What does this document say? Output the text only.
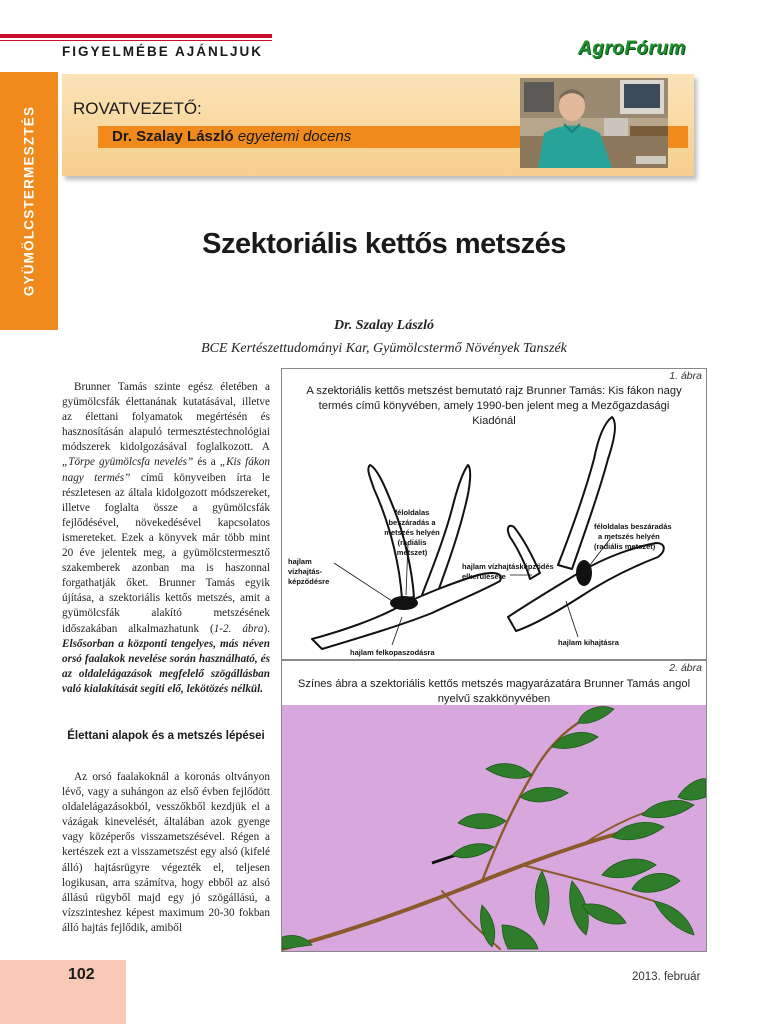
FIGYELMÉBE AJÁNLJUK	AgroFórum
GYÜMÖLCSTERMESZTÉS ROVATVEZETŐ:
Dr. Szalay László egyetemi docens
Szektoriális kettős metszés
Dr. Szalay László
BCE Kertészettudományi Kar, Gyümölcstermő Növények Tanszék

Brunner Tamás szinte egész életében a gyümölcsfák élettanának kutatásával, illetve az élettani folyamatok megértésén és hasznosításán alapuló termesztéstechnológiai módszerek kidolgozásával foglalkozott. A „Törpe gyümölcsfa nevelés” és a „Kis fákon nagy termés” című könyveiben írta le részletesen az általa kidolgozott módszereket, illetve foglalta össze a gyümölcsfák fejlődésével, növekedésével kapcsolatos ismereteket. Ezek a könyvek már több mint 20 éve jelentek meg, a gyümölcstermesztő szakemberek azonban ma is haszonnal forgathatják őket. Brunner Tamás egyik újítása, a szektoriális kettős metszés, amit a gyümölcsfák alakító metszésének időszakában alkalmazhatunk (1-2. ábra). Elsősorban a központi tengelyes, más néven orsó faalakok nevelése során használható, és az oldalelágazások megfelelő szögállásban való kialakítását segíti elő, lekötözés nélkül.

Élettani alapok és a metszés lépései

Az orsó faalakoknál a koronás oltványon lévő, vagy a suhángon az első évben fejlődött oldalelágazásokból, vesszőkből kezdjük el a vázágak kinevelését, általában azok gyenge vagy középerős visszametszésével. Régen a kertészek ezt a visszametszést egy alsó (kifelé álló) hajtásrügyre végezték el, teljesen logikusan, arra számítva, hogy ebből az alsó állású rügyből majd egy jó szögállású, a vízszinteshez képest maximum 20-30 fokban álló hajtás fejlődik, amiből

1. ábra
A szektoriális kettős metszést bemutató rajz Brunner Tamás: Kis fákon nagy termés című könyvében, amely 1990-ben jelent meg a Mezőgazdasági Kiadónál
féloldalas
beszáradás a
metszés helyén
(radiális
metszet)
hajlam
vízhajtás-
képződésre
hajlam felkopaszodásra
féloldalas beszáradás
a metszés helyén
(radiális metszet)
hajlam vízhajtásképződés
elkerülésére
hajlam kihajtásra
2. ábra
Színes ábra a szektoriális kettős metszés magyarázatára Brunner Tamás angol nyelvű szakkönyvében
102	2013. február
